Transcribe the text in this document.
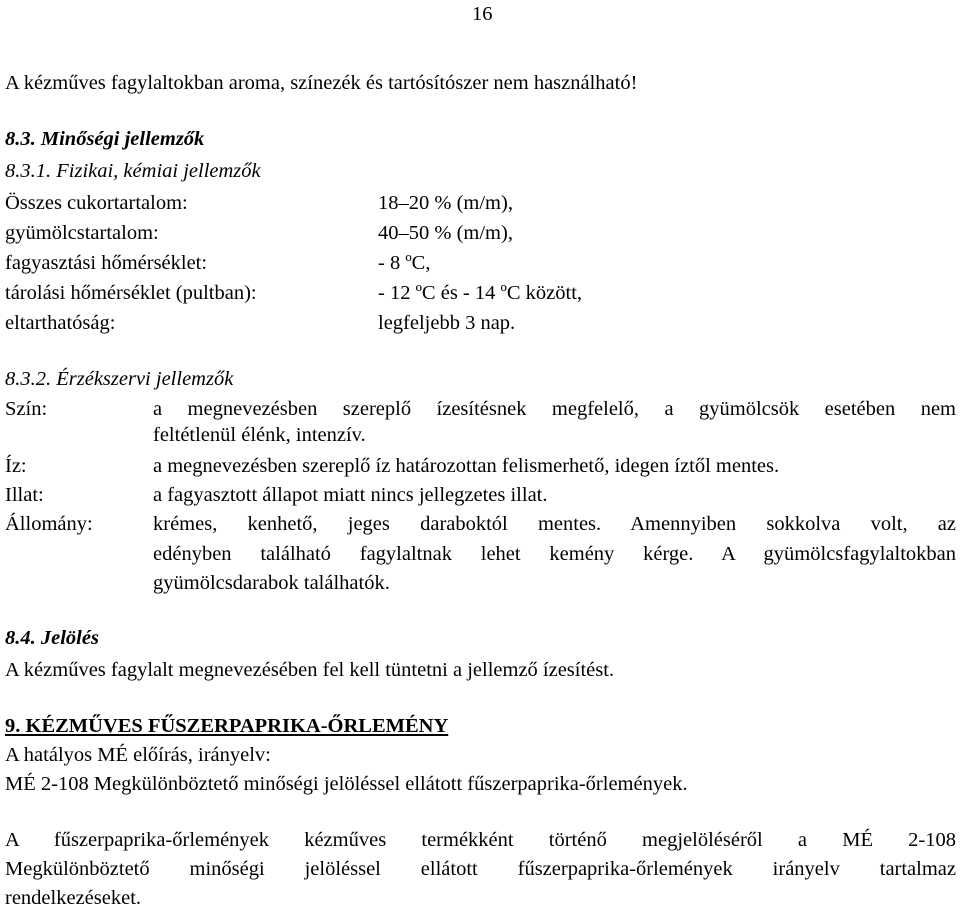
16
A kézműves fagylaltokban aroma, színezék és tartósítószer nem használható!
8.3. Minőségi jellemzők
8.3.1. Fizikai, kémiai jellemzők
Összes cukortartalom:	18–20 % (m/m),
gyümölcstartalom:	40–50 % (m/m),
fagyasztási hőmérséklet:	- 8 ºC,
tárolási hőmérséklet (pultban):	- 12 ºC és - 14 ºC között,
eltarthatóság:	legfeljebb 3 nap.
8.3.2. Érzékszervi jellemzők
Szín:	a megnevezésben szereplő ízesítésnek megfelelő, a gyümölcsök esetében nem
feltétlenül élénk, intenzív.
Íz:	a megnevezésben szereplő íz határozottan felismerhető, idegen íztől mentes.
Illat:	a fagyasztott állapot miatt nincs jellegzetes illat.
Állomány:	krémes, kenhető, jeges daraboktól mentes. Amennyiben sokkolva volt, az
edényben található fagylaltnak lehet kemény kérge. A gyümölcsfagylaltokban
gyümölcsdarabok találhatók.
8.4. Jelölés
A kézműves fagylalt megnevezésében fel kell tüntetni a jellemző ízesítést.
9. KÉZMŰVES FŰSZERPAPRIKA-ŐRLEMÉNY
A hatályos MÉ előírás, irányelv:
MÉ 2-108 Megkülönböztető minőségi jelöléssel ellátott fűszerpaprika-őrlemények.
A fűszerpaprika-őrlemények kézműves termékként történő megjelöléséről a MÉ 2-108
Megkülönböztető minőségi jelöléssel ellátott fűszerpaprika-őrlemények irányelv tartalmaz
rendelkezéseket.
